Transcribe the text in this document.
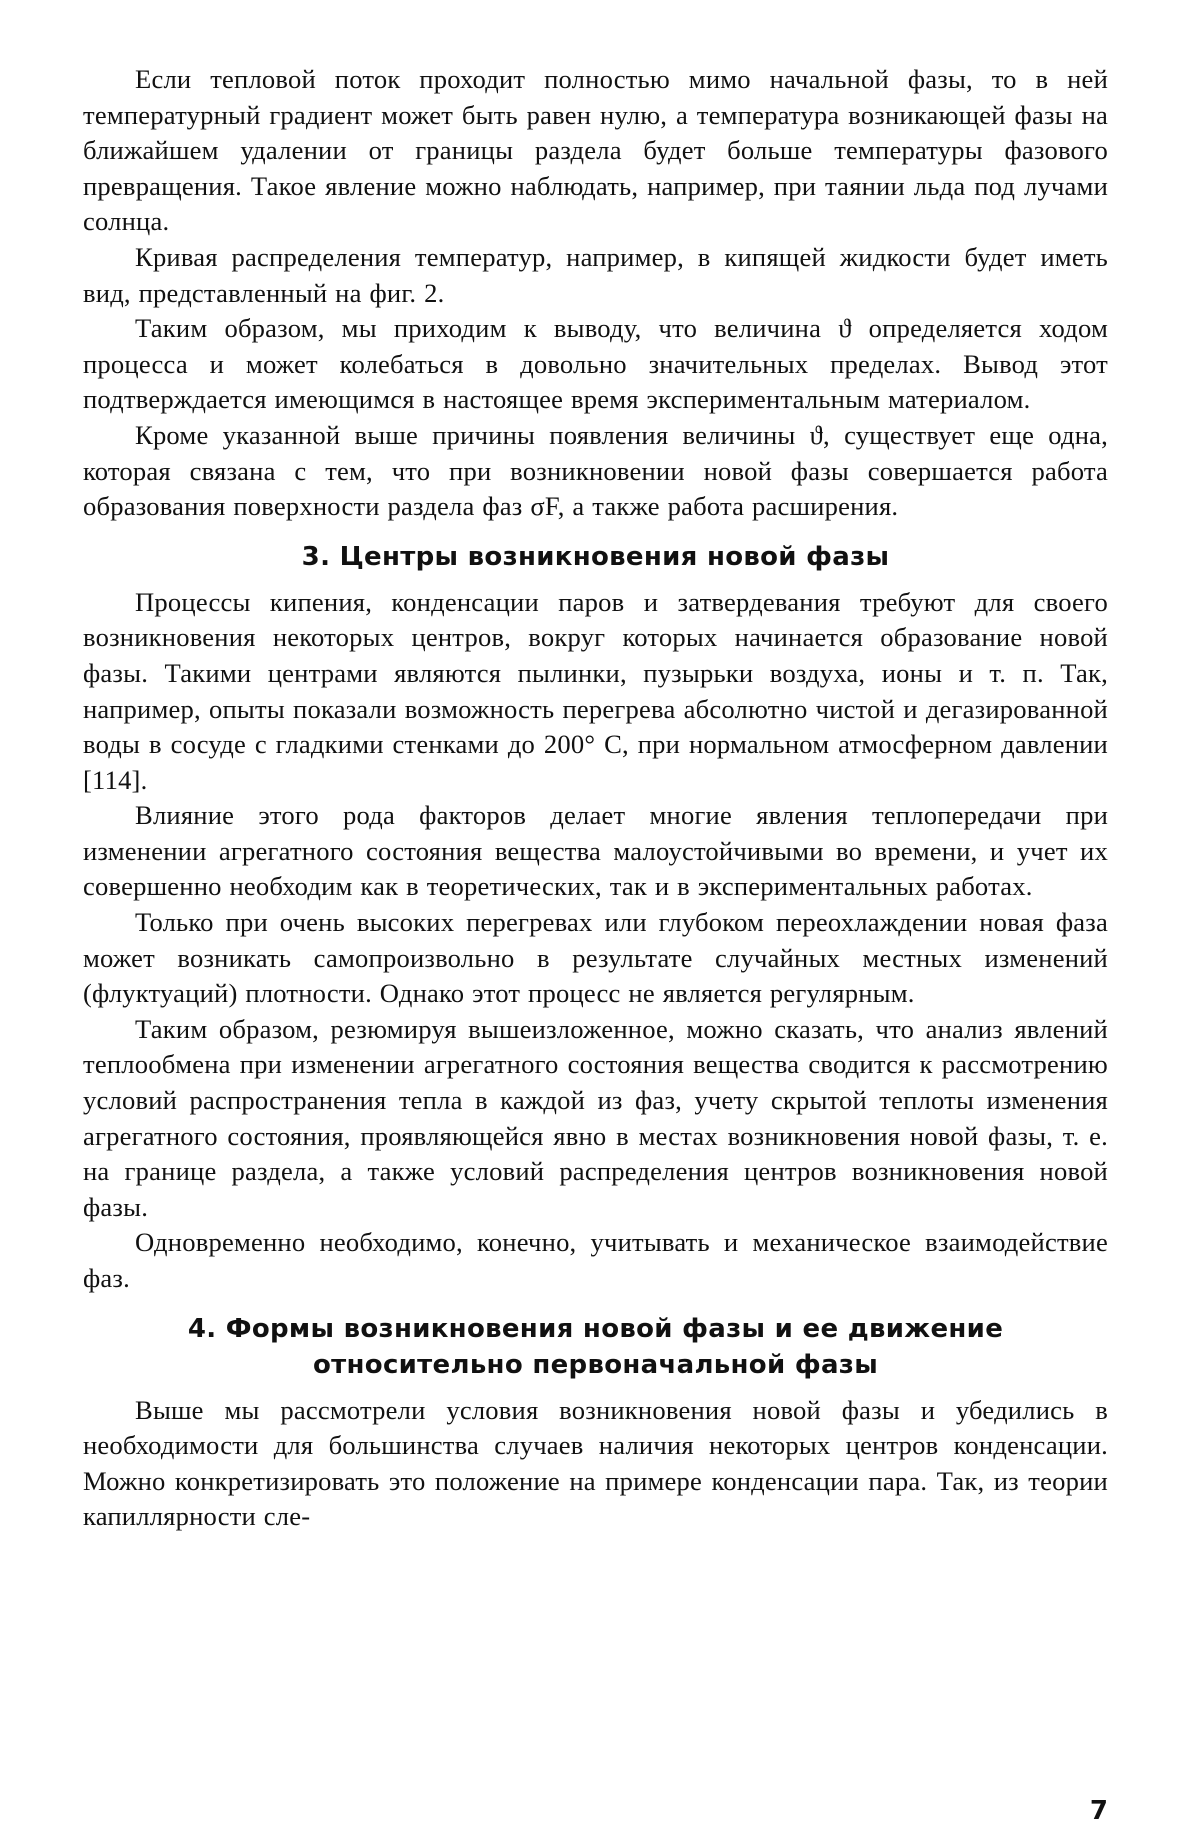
Если тепловой поток проходит полностью мимо начальной фазы, то в ней температурный градиент может быть равен нулю, а температура возникающей фазы на ближайшем удалении от границы раздела будет больше температуры фазового превращения. Такое явление можно наблюдать, например, при таянии льда под лучами солнца.

Кривая распределения температур, например, в кипящей жидкости будет иметь вид, представленный на фиг. 2.

Таким образом, мы приходим к выводу, что величина ϑ определяется ходом процесса и может колебаться в довольно значительных пределах. Вывод этот подтверждается имеющимся в настоящее время экспериментальным материалом.

Кроме указанной выше причины появления величины ϑ, существует еще одна, которая связана с тем, что при возникновении новой фазы совершается работа образования поверхности раздела фаз σF, а также работа расширения.

3. Центры возникновения новой фазы

Процессы кипения, конденсации паров и затвердевания требуют для своего возникновения некоторых центров, вокруг которых начинается образование новой фазы. Такими центрами являются пылинки, пузырьки воздуха, ионы и т. п. Так, например, опыты показали возможность перегрева абсолютно чистой и дегазированной воды в сосуде с гладкими стенками до 200° С, при нормальном атмосферном давлении [114].

Влияние этого рода факторов делает многие явления теплопередачи при изменении агрегатного состояния вещества малоустойчивыми во времени, и учет их совершенно необходим как в теоретических, так и в экспериментальных работах.

Только при очень высоких перегревах или глубоком переохлаждении новая фаза может возникать самопроизвольно в результате случайных местных изменений (флуктуаций) плотности. Однако этот процесс не является регулярным.

Таким образом, резюмируя вышеизложенное, можно сказать, что анализ явлений теплообмена при изменении агрегатного состояния вещества сводится к рассмотрению условий распространения тепла в каждой из фаз, учету скрытой теплоты изменения агрегатного состояния, проявляющейся явно в местах возникновения новой фазы, т. е. на границе раздела, а также условий распределения центров возникновения новой фазы.

Одновременно необходимо, конечно, учитывать и механическое взаимодействие фаз.

4. Формы возникновения новой фазы и ее движение
относительно первоначальной фазы

Выше мы рассмотрели условия возникновения новой фазы и убедились в необходимости для большинства случаев наличия некоторых центров конденсации. Можно конкретизировать это положение на примере конденсации пара. Так, из теории капиллярности сле-

7
